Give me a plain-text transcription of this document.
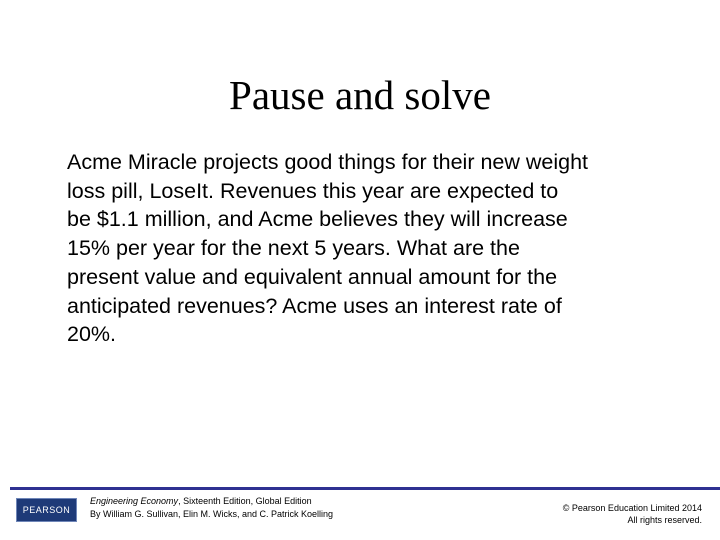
Pause and solve
Acme Miracle projects good things for their new weight
loss pill, LoseIt. Revenues this year are expected to
be $1.1 million, and Acme believes they will increase
15% per year for the next 5 years. What are the
present value and equivalent annual amount for the
anticipated revenues? Acme uses an interest rate of
20%.
PEARSON
Engineering Economy, Sixteenth Edition, Global Edition
By William G. Sullivan, Elin M. Wicks, and C. Patrick Koelling
© Pearson Education Limited 2014
All rights reserved.
